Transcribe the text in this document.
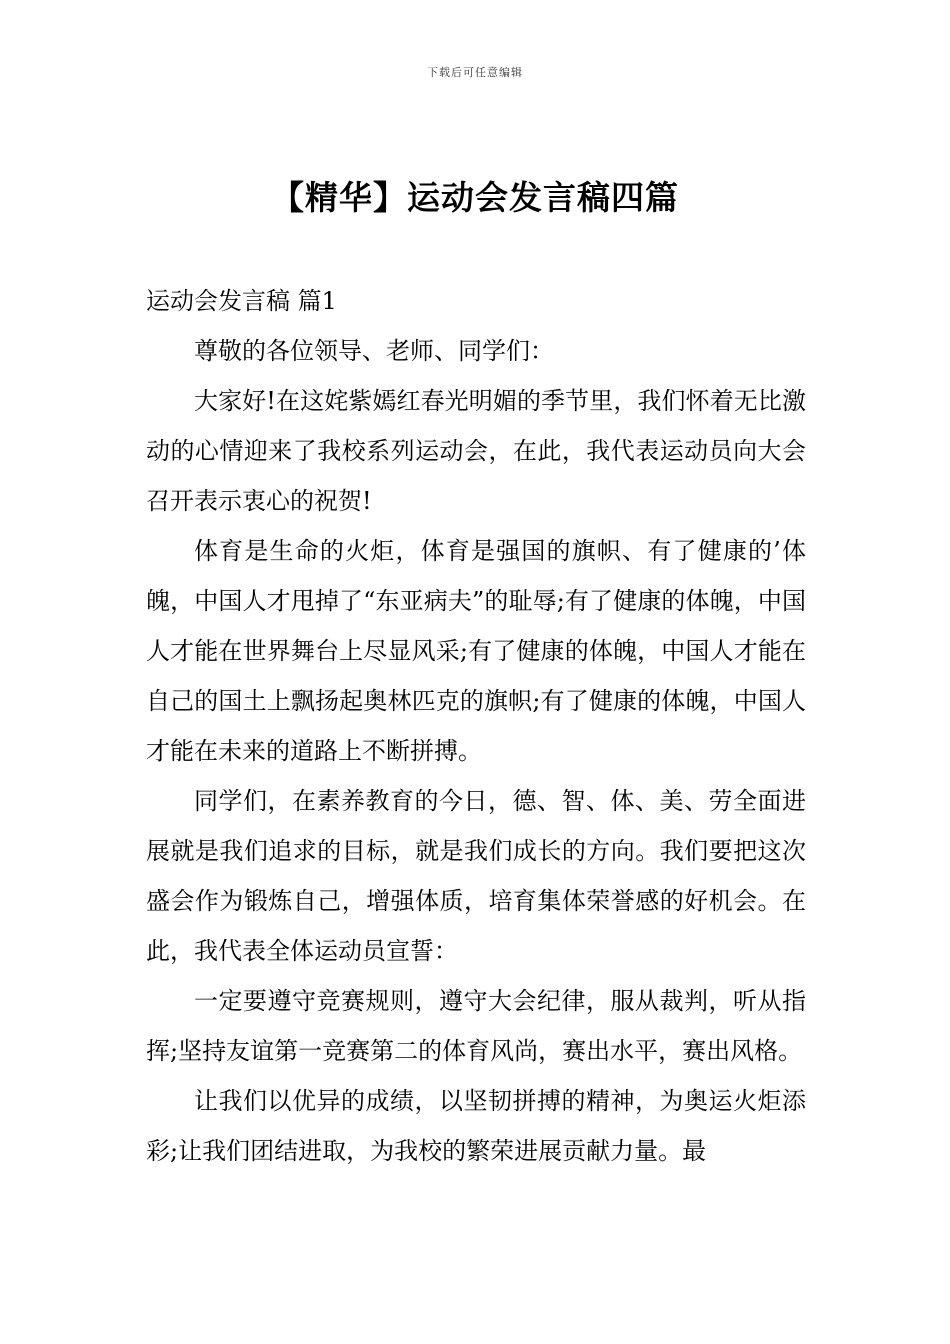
下载后可任意编辑
【精华】运动会发言稿四篇

运动会发言稿 篇1

尊敬的各位领导、老师、同学们：

大家好!在这姹紫嫣红春光明媚的季节里，我们怀着无比激动的心情迎来了我校系列运动会，在此，我代表运动员向大会召开表示衷心的祝贺!

体育是生命的火炬，体育是强国的旗帜、有了健康的’体魄，中国人才甩掉了“东亚病夫”的耻辱;有了健康的体魄，中国人才能在世界舞台上尽显风采;有了健康的体魄，中国人才能在自己的国土上飘扬起奥林匹克的旗帜;有了健康的体魄，中国人才能在未来的道路上不断拼搏。

同学们，在素养教育的今日，德、智、体、美、劳全面进展就是我们追求的目标，就是我们成长的方向。我们要把这次盛会作为锻炼自己，增强体质，培育集体荣誉感的好机会。在此，我代表全体运动员宣誓：

一定要遵守竞赛规则，遵守大会纪律，服从裁判，听从指挥;坚持友谊第一竞赛第二的体育风尚，赛出水平，赛出风格。

让我们以优异的成绩，以坚韧拼搏的精神，为奥运火炬添彩;让我们团结进取，为我校的繁荣进展贡献力量。最
